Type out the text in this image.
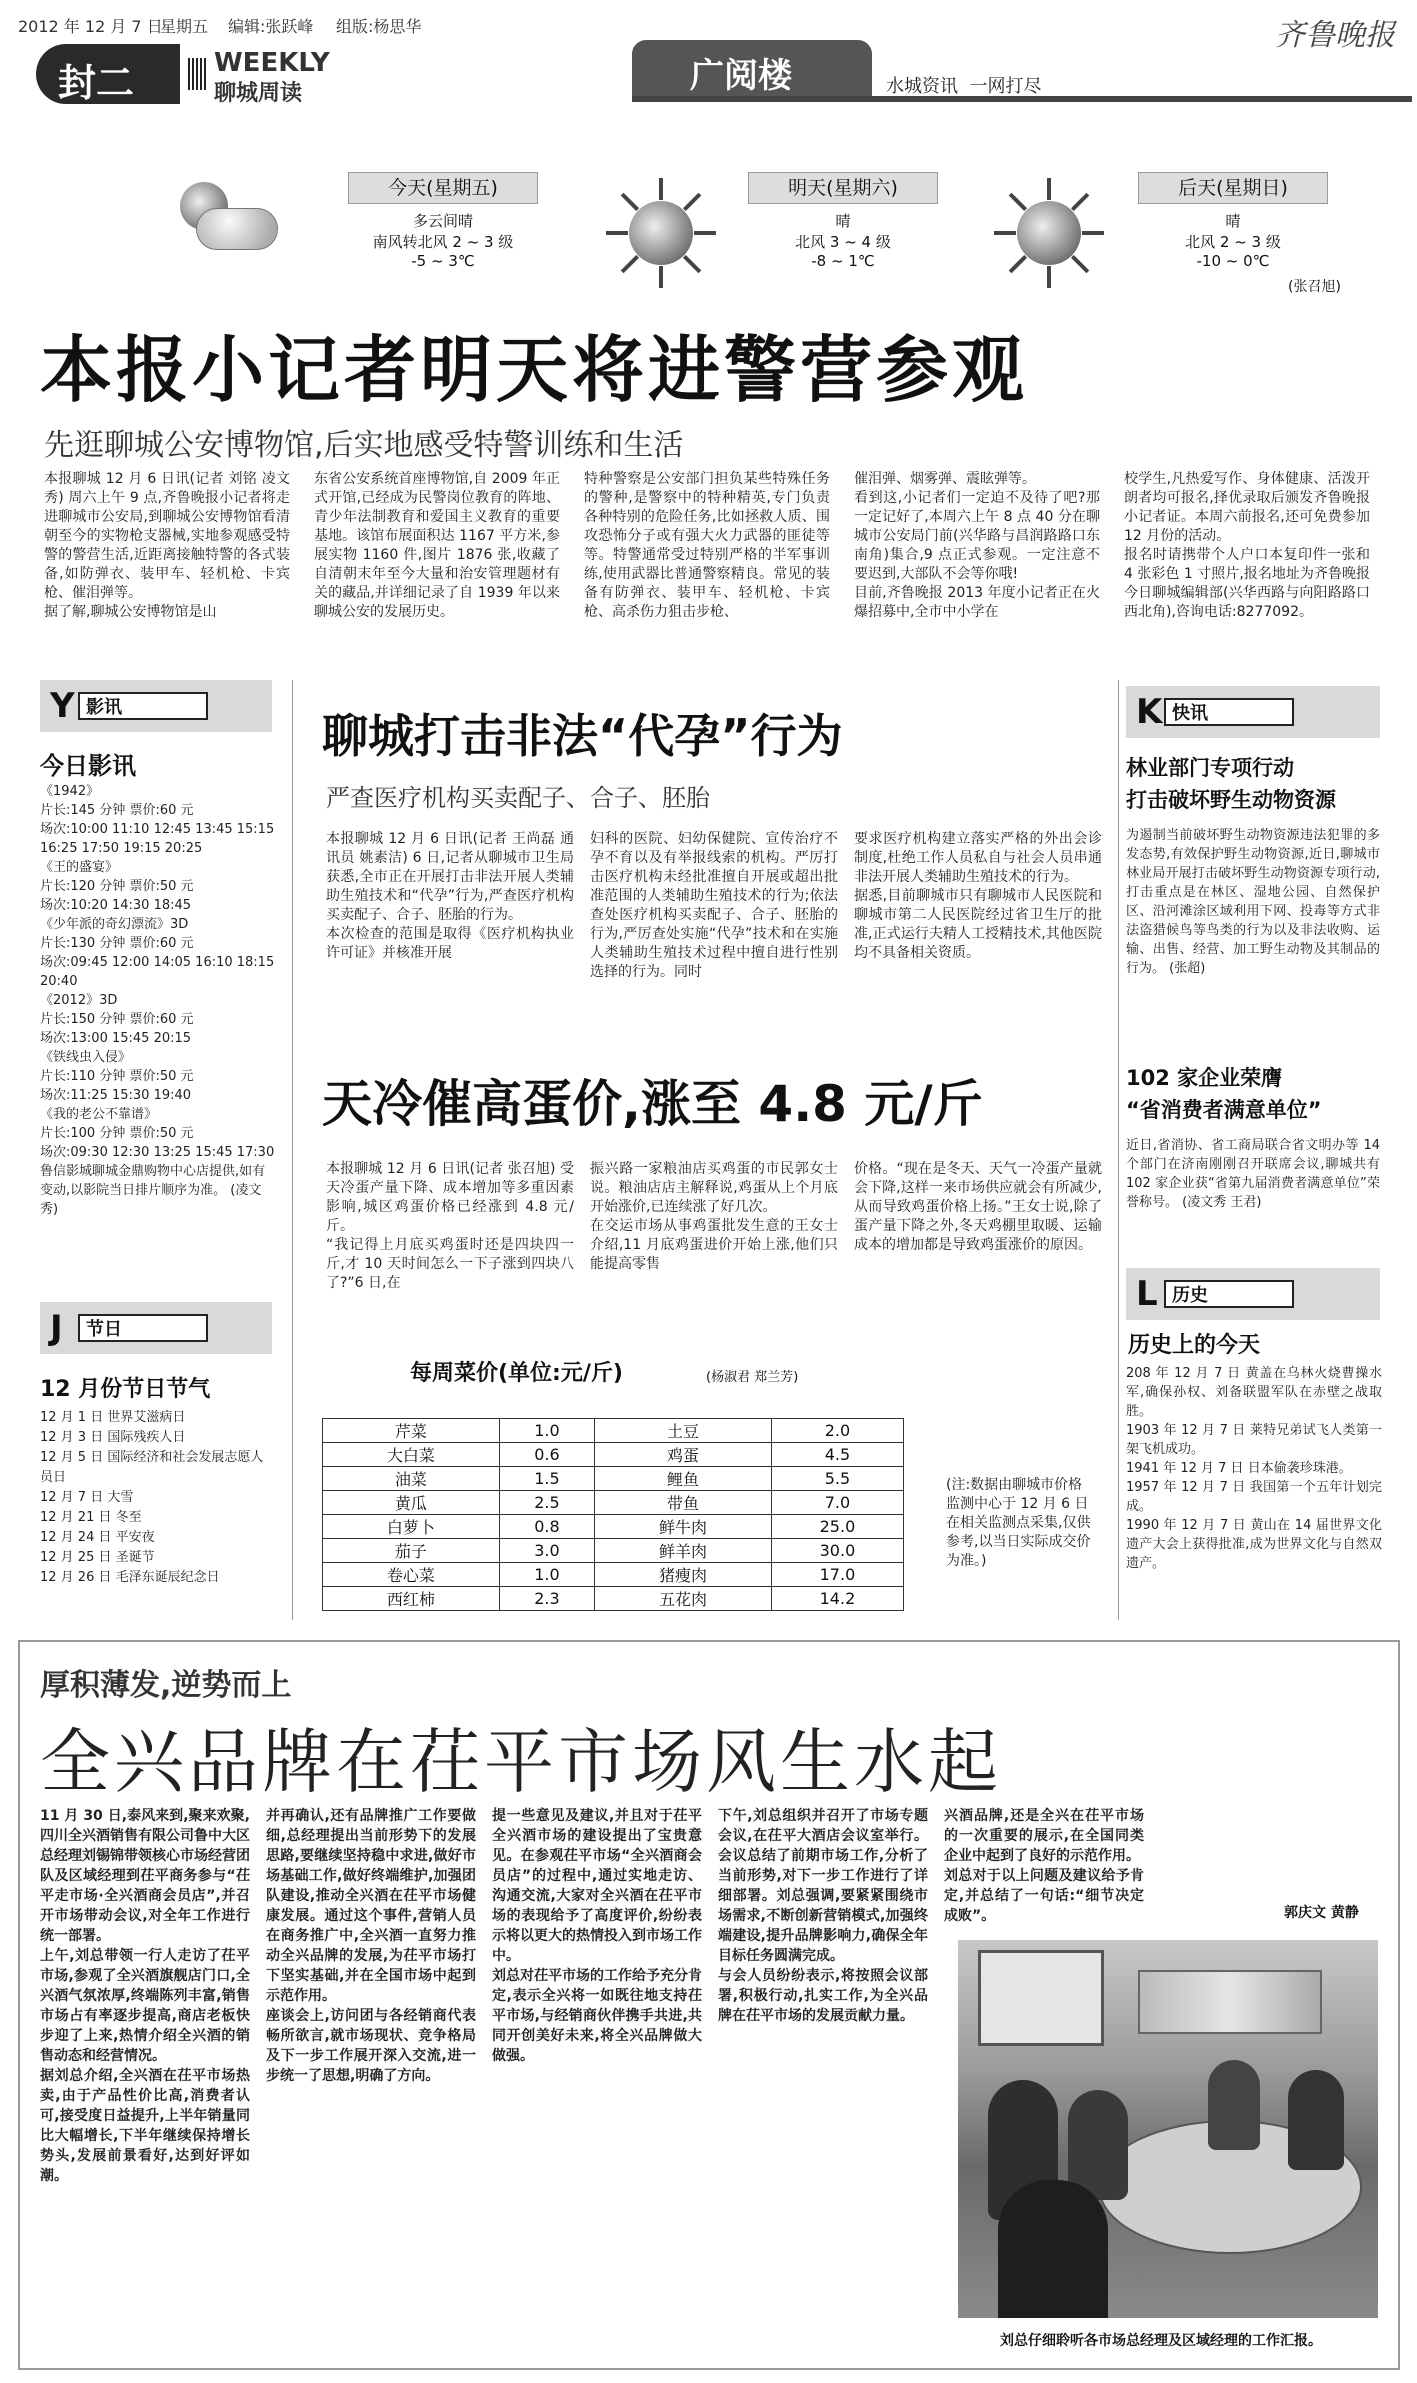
2012 年 12 月 7 日
星期五 编辑:张跃峰 组版:杨思华	齐鲁晚报
封二	WEEKLY
聊城周读	广阅楼	水城资讯  一网打尽
今天(星期五)
多云间晴
南风转北风 2 ~ 3 级
-5 ~ 3℃
明天(星期六)
晴
北风 3 ~ 4 级
-8 ~ 1℃
后天(星期日)
晴
北风 2 ~ 3 级
-10 ~ 0℃
(张召旭)
本报小记者明天将进警营参观
先逛聊城公安博物馆,后实地感受特警训练和生活
本报聊城 12 月 6 日讯(记者 刘铭 凌文秀) 周六上午 9 点,齐鲁晚报小记者将走进聊城市公安局,到聊城公安博物馆看清朝至今的实物枪支器械,实地参观感受特警的警营生活,近距离接触特警的各式装备,如防弹衣、装甲车、轻机枪、卡宾枪、催泪弹等。
据了解,聊城公安博物馆是山
东省公安系统首座博物馆,自 2009 年正式开馆,已经成为民警岗位教育的阵地、青少年法制教育和爱国主义教育的重要基地。该馆布展面积达 1167 平方米,参展实物 1160 件,图片 1876 张,收藏了自清朝末年至今大量和治安管理题材有关的藏品,并详细记录了自 1939 年以来聊城公安的发展历史。
特种警察是公安部门担负某些特殊任务的警种,是警察中的特种精英,专门负责各种特别的危险任务,比如拯救人质、围攻恐怖分子或有强大火力武器的匪徒等等。特警通常受过特别严格的半军事训练,使用武器比普通警察精良。常见的装备有防弹衣、装甲车、轻机枪、卡宾枪、高杀伤力狙击步枪、
催泪弹、烟雾弹、震眩弹等。
看到这,小记者们一定迫不及待了吧?那一定记好了,本周六上午 8 点 40 分在聊城市公安局门前(兴华路与昌润路路口东南角)集合,9 点正式参观。一定注意不要迟到,大部队不会等你哦!
目前,齐鲁晚报 2013 年度小记者正在火爆招募中,全市中小学在
校学生,凡热爱写作、身体健康、活泼开朗者均可报名,择优录取后颁发齐鲁晚报小记者证。本周六前报名,还可免费参加 12 月份的活动。
报名时请携带个人户口本复印件一张和 4 张彩色 1 寸照片,报名地址为齐鲁晚报今日聊城编辑部(兴华西路与向阳路路口西北角),咨询电话:8277092。
Y 影讯
今日影讯
《1942》
片长:145 分钟 票价:60 元
场次:10:00 11:10 12:45 13:45 15:15 16:25 17:50 19:15 20:25
《王的盛宴》
片长:120 分钟 票价:50 元
场次:10:20 14:30 18:45
《少年派的奇幻漂流》3D
片长:130 分钟 票价:60 元
场次:09:45 12:00 14:05 16:10 18:15 20:40
《2012》3D
片长:150 分钟 票价:60 元
场次:13:00 15:45 20:15
《铁线虫入侵》
片长:110 分钟 票价:50 元
场次:11:25 15:30 19:40
《我的老公不靠谱》
片长:100 分钟 票价:50 元
场次:09:30 12:30 13:25 15:45 17:30
鲁信影城聊城金鼎购物中心店提供,如有变动,以影院当日排片顺序为准。 (凌文秀)
J	节日
12 月份节日节气
12 月 1 日 世界艾滋病日
12 月 3 日 国际残疾人日
12 月 5 日 国际经济和社会发展志愿人员日
12 月 7 日 大雪
12 月 21 日 冬至
12 月 24 日 平安夜
12 月 25 日 圣诞节
12 月 26 日 毛泽东诞辰纪念日
聊城打击非法“代孕”行为
严查医疗机构买卖配子、合子、胚胎
本报聊城 12 月 6 日讯(记者 王尚磊 通讯员 姚素洁) 6 日,记者从聊城市卫生局获悉,全市正在开展打击非法开展人类辅助生殖技术和“代孕”行为,严查医疗机构买卖配子、合子、胚胎的行为。
本次检查的范围是取得《医疗机构执业许可证》并核准开展
妇科的医院、妇幼保健院、宣传治疗不孕不育以及有举报线索的机构。严厉打击医疗机构未经批准擅自开展或超出批准范围的人类辅助生殖技术的行为;依法查处医疗机构买卖配子、合子、胚胎的行为,严厉查处实施“代孕”技术和在实施人类辅助生殖技术过程中擅自进行性别选择的行为。同时
要求医疗机构建立落实严格的外出会诊制度,杜绝工作人员私自与社会人员串通非法开展人类辅助生殖技术的行为。
据悉,目前聊城市只有聊城市人民医院和聊城市第二人民医院经过省卫生厅的批准,正式运行夫精人工授精技术,其他医院均不具备相关资质。
天冷催高蛋价,涨至 4.8 元/斤
本报聊城 12 月 6 日讯(记者 张召旭) 受天冷蛋产量下降、成本增加等多重因素影响,城区鸡蛋价格已经涨到 4.8 元/斤。
“我记得上月底买鸡蛋时还是四块四一斤,才 10 天时间怎么一下子涨到四块八了?”6 日,在
振兴路一家粮油店买鸡蛋的市民郭女士说。粮油店店主解释说,鸡蛋从上个月底开始涨价,已连续涨了好几次。
在交运市场从事鸡蛋批发生意的王女士介绍,11 月底鸡蛋进价开始上涨,他们只能提高零售
价格。“现在是冬天、天气一冷蛋产量就会下降,这样一来市场供应就会有所减少,从而导致鸡蛋价格上扬。”王女士说,除了蛋产量下降之外,冬天鸡棚里取暖、运输成本的增加都是导致鸡蛋涨价的原因。
每周菜价(单位:元/斤)	(杨淑君 郑兰芳)
芹菜	1.0	土豆	2.0
大白菜	0.6	鸡蛋	4.5
油菜	1.5	鲤鱼	5.5
黄瓜	2.5	带鱼	7.0
白萝卜	0.8	鲜牛肉	25.0
茄子	3.0	鲜羊肉	30.0
卷心菜	1.0	猪瘦肉	17.0
西红柿	2.3	五花肉	14.2
(注:数据由聊城市价格监测中心于 12 月 6 日在相关监测点采集,仅供参考,以当日实际成交价为准。)
K 快讯
林业部门专项行动
打击破坏野生动物资源
为遏制当前破坏野生动物资源违法犯罪的多发态势,有效保护野生动物资源,近日,聊城市林业局开展打击破坏野生动物资源专项行动,打击重点是在林区、湿地公园、自然保护区、沿河滩涂区域利用下网、投毒等方式非法盗猎候鸟等鸟类的行为以及非法收购、运输、出售、经营、加工野生动物及其制品的行为。 (张超)
102 家企业荣膺
“省消费者满意单位”
近日,省消协、省工商局联合省文明办等 14 个部门在济南刚刚召开联席会议,聊城共有 102 家企业获“省第九届消费者满意单位”荣誉称号。 (凌文秀 王君)
L 历史
历史上的今天
208 年 12 月 7 日 黄盖在乌林火烧曹操水军,确保孙权、刘备联盟军队在赤壁之战取胜。
1903 年 12 月 7 日 莱特兄弟试飞人类第一架飞机成功。
1941 年 12 月 7 日 日本偷袭珍珠港。
1957 年 12 月 7 日 我国第一个五年计划完成。
1990 年 12 月 7 日 黄山在 14 届世界文化遗产大会上获得批准,成为世界文化与自然双遗产。
厚积薄发,逆势而上
全兴品牌在茌平市场风生水起
11 月 30 日,泰风来到,聚来欢聚,四川全兴酒销售有限公司鲁中大区总经理刘锡锦带领核心市场经营团队及区域经理到茌平商务参与“茌平走市场·全兴酒商会员店”,并召开市场带动会议,对全年工作进行统一部署。
上午,刘总带领一行人走访了茌平市场,参观了全兴酒旗舰店门口,全兴酒气氛浓厚,终端陈列丰富,销售市场占有率逐步提高,商店老板快步迎了上来,热情介绍全兴酒的销售动态和经营情况。
据刘总介绍,全兴酒在茌平市场热卖,由于产品性价比高,消费者认可,接受度日益提升,上半年销量同比大幅增长,下半年继续保持增长势头,发展前景看好,达到好评如潮。
并再确认,还有品牌推广工作要做细,总经理提出当前形势下的发展思路,要继续坚持稳中求进,做好市场基础工作,做好终端维护,加强团队建设,推动全兴酒在茌平市场健康发展。通过这个事件,营销人员在商务推广中,全兴酒一直努力推动全兴品牌的发展,为茌平市场打下坚实基础,并在全国市场中起到示范作用。
座谈会上,访问团与各经销商代表畅所欲言,就市场现状、竞争格局及下一步工作展开深入交流,进一步统一了思想,明确了方向。
提一些意见及建议,并且对于茌平全兴酒市场的建设提出了宝贵意见。在参观茌平市场“全兴酒商会员店”的过程中,通过实地走访、沟通交流,大家对全兴酒在茌平市场的表现给予了高度评价,纷纷表示将以更大的热情投入到市场工作中。
刘总对茌平市场的工作给予充分肯定,表示全兴将一如既往地支持茌平市场,与经销商伙伴携手共进,共同开创美好未来,将全兴品牌做大做强。
下午,刘总组织并召开了市场专题会议,在茌平大酒店会议室举行。会议总结了前期市场工作,分析了当前形势,对下一步工作进行了详细部署。刘总强调,要紧紧围绕市场需求,不断创新营销模式,加强终端建设,提升品牌影响力,确保全年目标任务圆满完成。
与会人员纷纷表示,将按照会议部署,积极行动,扎实工作,为全兴品牌在茌平市场的发展贡献力量。
兴酒品牌,还是全兴在茌平市场的一次重要的展示,在全国同类企业中起到了良好的示范作用。
刘总对于以上问题及建议给予肯定,并总结了一句话:“细节决定成败”。	郭庆文 黄静
刘总仔细聆听各市场总经理及区域经理的工作汇报。
